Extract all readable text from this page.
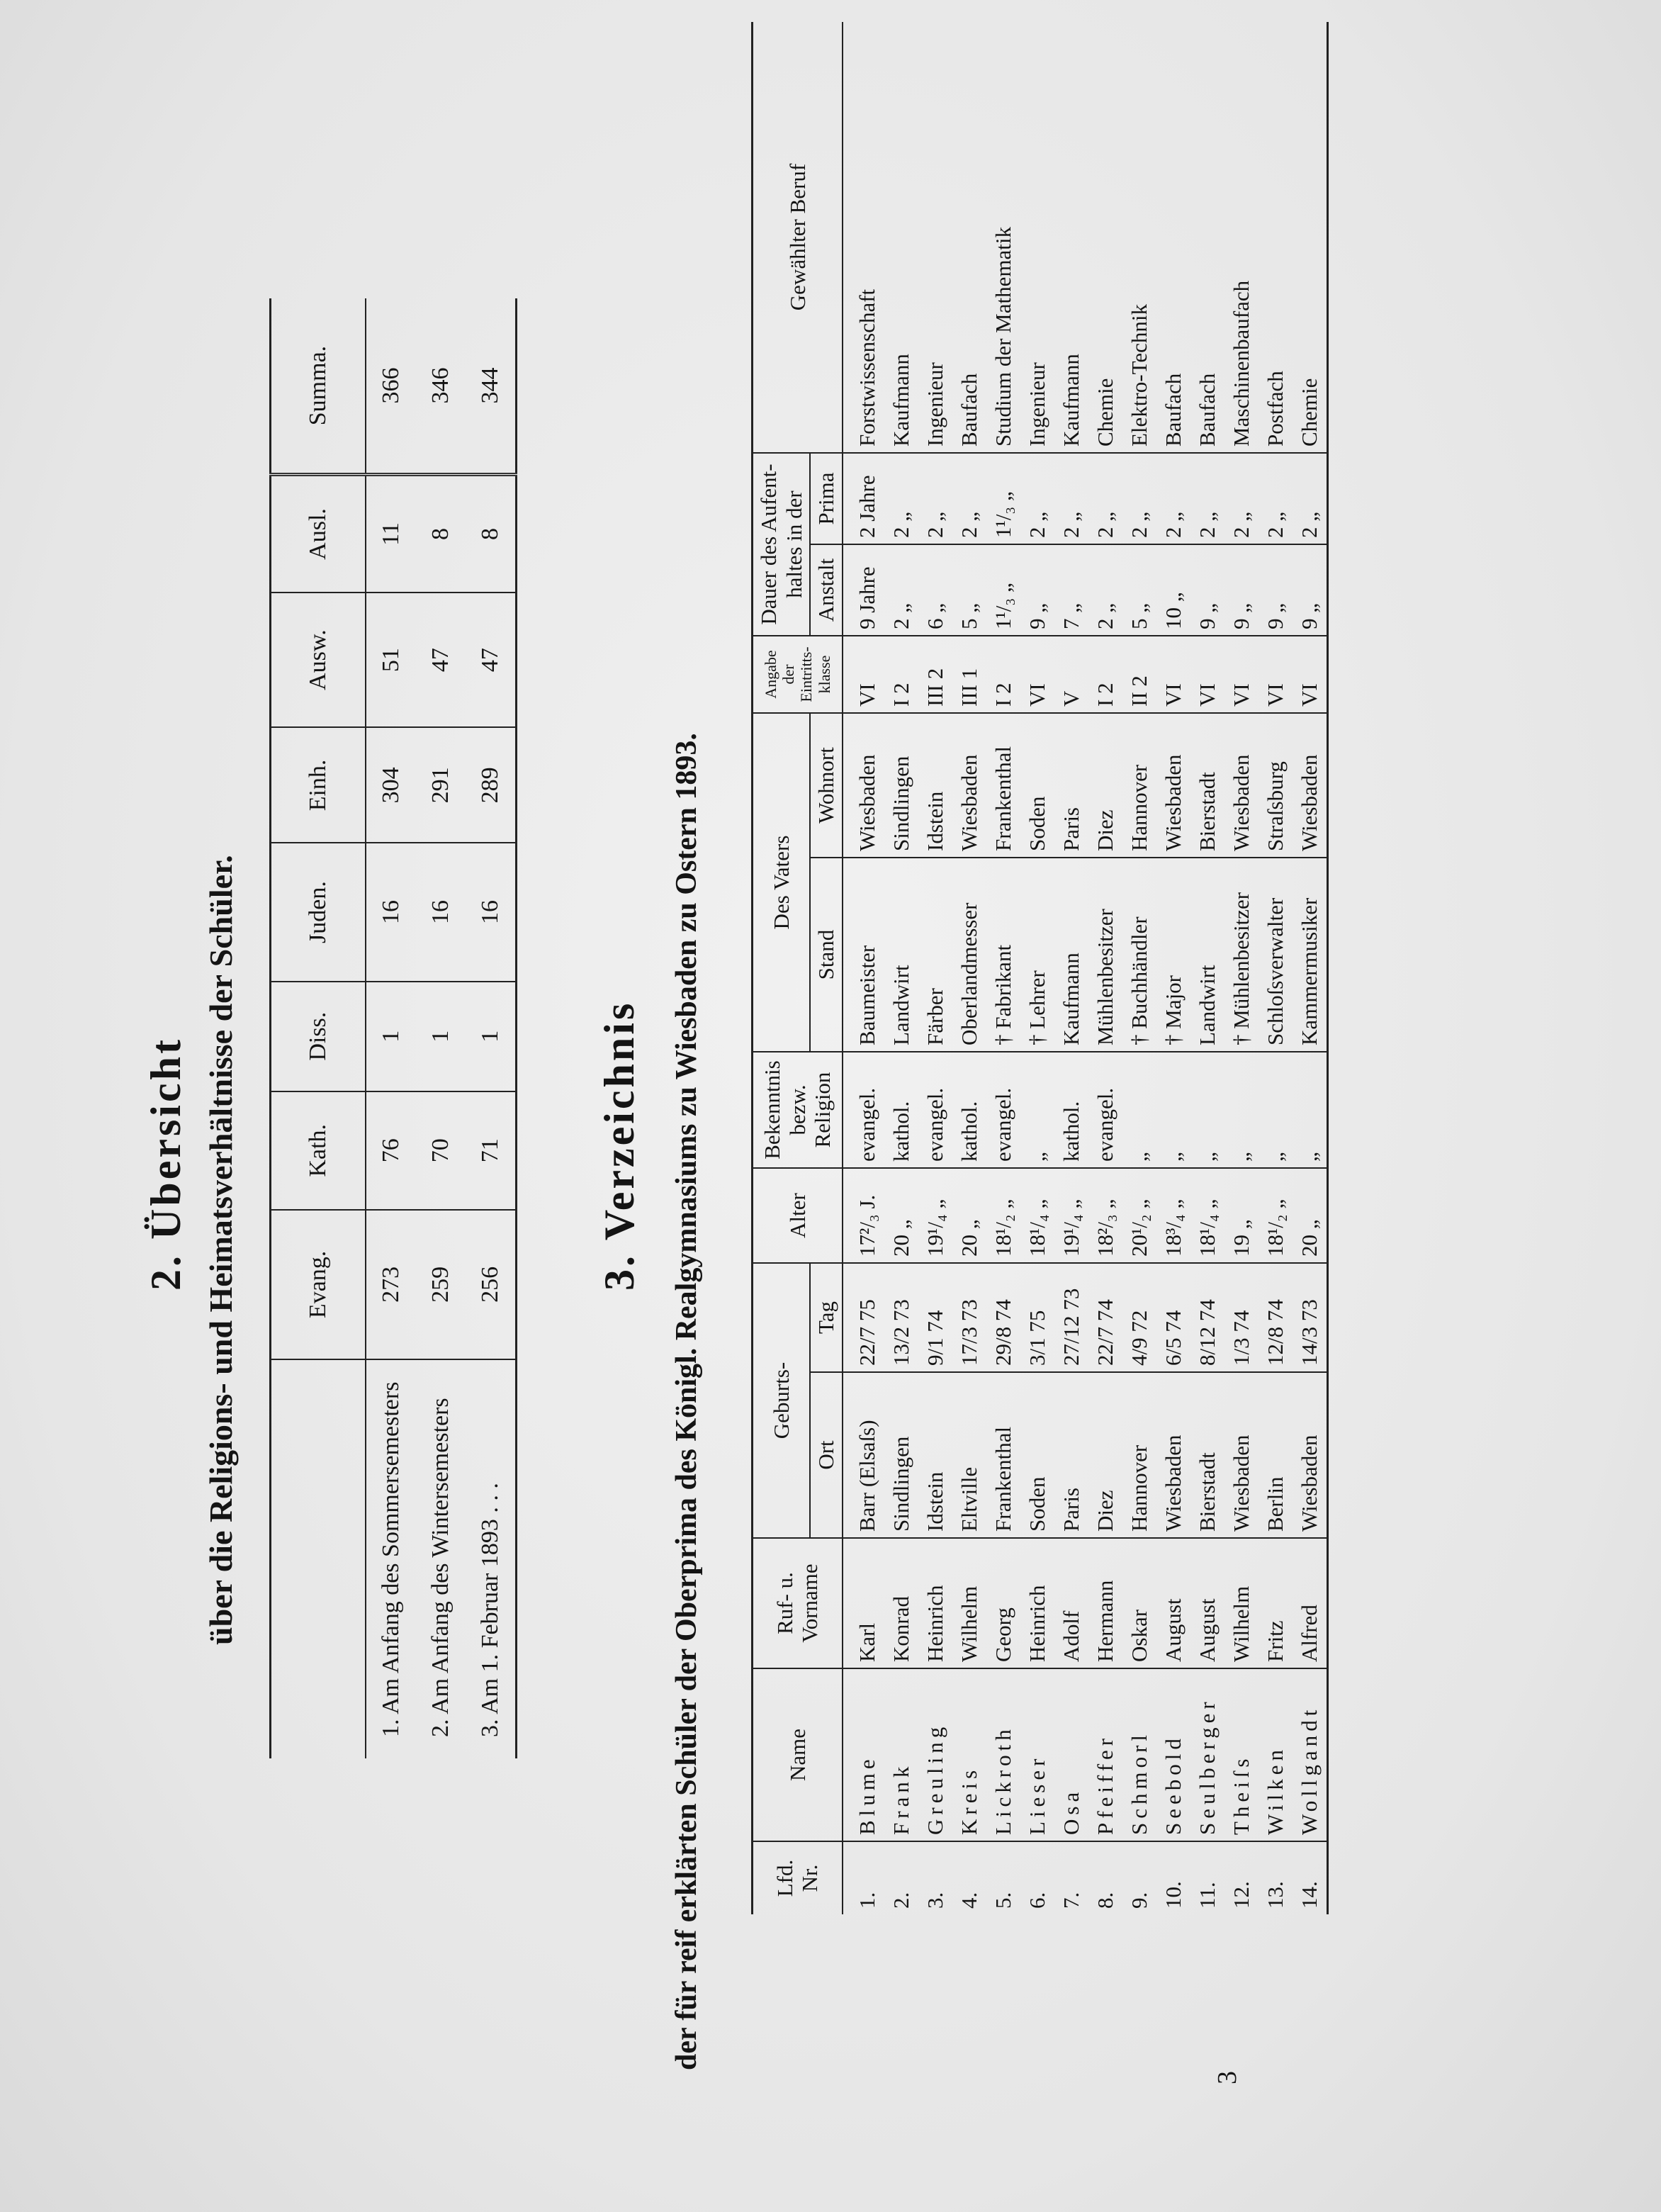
3
2. Übersicht über die Religions- und Heimatsverhältnisse der Schüler.
		Evang.	Kath.	Diss.	Juden.	Einh.	Ausw.	Ausl.	Summa.
1. Am Anfang des Sommersemesters	273	76	1	16	304	51	11	366
2. Am Anfang des Wintersemesters	259	70	1	16	291	47	8	346
3. Am 1. Februar 1893 . . .	256	71	1	16	289	47	8	344
3. Verzeichnis der für reif erklärten Schüler der Oberprima des Königl. Realgymnasiums zu Wiesbaden zu Ostern 1893.	Lfd. Nr.	Name	Ruf- u. Vorname	Geburts-		Alter	Bekenntnis bezw. Religion	Des Vaters		Angabe der Eintritts-klasse	Dauer des Aufent-haltes in der		Gewählter Beruf
			Ort	Tag			Stand	Wohnort		Anstalt	Prima	
1.	Blume	Karl	Barr (Elsaſs)	22/7 75	17²/₃ J.	evangel.	Baumeister	Wiesbaden	VI	9 Jahre	2 Jahre	Forstwissenschaft
2.	Frank	Konrad	Sindlingen	13/2 73	20 „	kathol.	Landwirt	Sindlingen	I 2	2 „	2 „	Kaufmann
3.	Greuling	Heinrich	Idstein	9/1 74	19¹/₄ „	evangel.	Färber	Idstein	III 2	6 „	2 „	Ingenieur
4.	Kreis	Wilhelm	Eltville	17/3 73	20 „	kathol.	Oberlandmesser	Wiesbaden	III 1	5 „	2 „	Baufach
5.	Lickroth	Georg	Frankenthal	29/8 74	18¹/₂ „	evangel.	† Fabrikant	Frankenthal	I 2	1¹/₃ „	1¹/₃ „	Studium der Mathematik
6.	Lieser	Heinrich	Soden	3/1 75	18¹/₄ „	„	† Lehrer	Soden	VI	9 „	2 „	Ingenieur
7.	Osa	Adolf	Paris	27/12 73	19¹/₄ „	kathol.	Kaufmann	Paris	V	7 „	2 „	Kaufmann
8.	Pfeiffer	Hermann	Diez	22/7 74	18²/₃ „	evangel.	Mühlenbesitzer	Diez	I 2	2 „	2 „	Chemie
9.	Schmorl	Oskar	Hannover	4/9 72	20¹/₂ „	„	† Buchhändler	Hannover	II 2	5 „	2 „	Elektro-Technik
10.	Seebold	August	Wiesbaden	6/5 74	18³/₄ „	„	† Major	Wiesbaden	VI	10 „	2 „	Baufach
11.	Seulberger	August	Bierstadt	8/12 74	18¹/₄ „	„	Landwirt	Bierstadt	VI	9 „	2 „	Baufach
12.	Theiſs	Wilhelm	Wiesbaden	1/3 74	19 „	„	† Mühlenbesitzer	Wiesbaden	VI	9 „	2 „	Maschinenbaufach
13.	Wilken	Fritz	Berlin	12/8 74	18¹/₂ „	„	Schloſsverwalter	Straſsburg	VI	9 „	2 „	Postfach
14.	Wollgandt	Alfred	Wiesbaden	14/3 73	20 „	„	Kammermusiker	Wiesbaden	VI	9 „	2 „	Chemie
